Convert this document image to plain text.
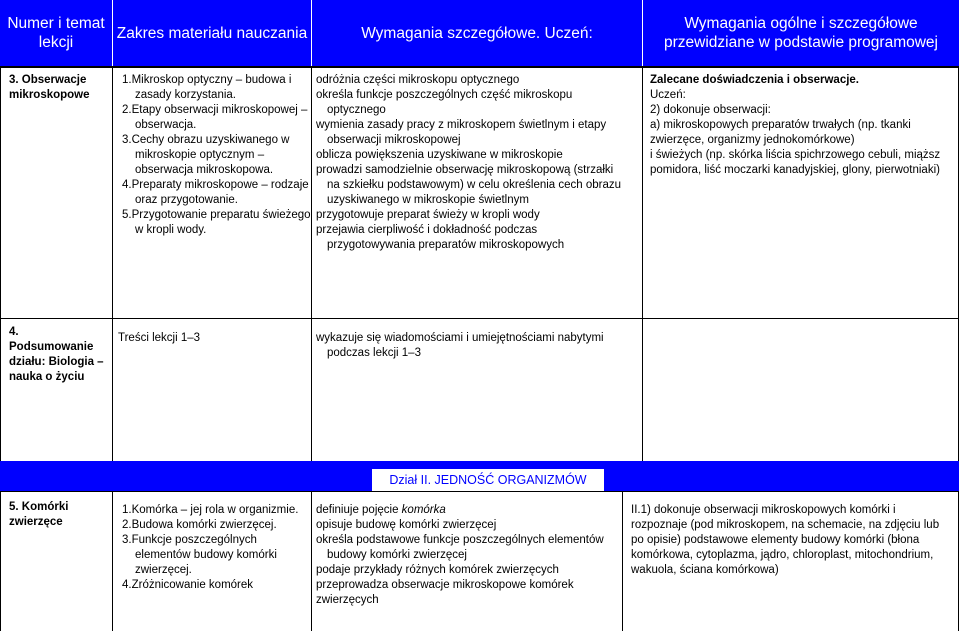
Numer i temat lekcji
Zakres materiału nauczania	Wymagania szczegółowe. Uczeń:
Wymagania ogólne i szczegółowe przewidziane w podstawie programowej
3. Obserwacje mikroskopowe
1.Mikroskop optyczny – budowa i zasady korzystania.
2.Etapy obserwacji mikroskopowej – obserwacja.
3.Cechy obrazu uzyskiwanego w mikroskopie optycznym – obserwacja mikroskopowa.
4.Preparaty mikroskopowe – rodzaje oraz przygotowanie.
5.Przygotowanie preparatu świeżego w kropli wody.
odróżnia części mikroskopu optycznego
określa funkcje poszczególnych część mikroskopu optycznego
wymienia zasady pracy z mikroskopem świetlnym i etapy obserwacji mikroskopowej
oblicza powiększenia uzyskiwane w mikroskopie
prowadzi samodzielnie obserwację mikroskopową (strzałki na szkiełku podstawowym) w celu określenia cech obrazu uzyskiwanego w mikroskopie świetlnym
przygotowuje preparat świeży w kropli wody
przejawia cierpliwość i dokładność podczas przygotowywania preparatów mikroskopowych
Zalecane doświadczenia i obserwacje.
Uczeń:
2) dokonuje obserwacji:
a) mikroskopowych preparatów trwałych (np. tkanki zwierzęce, organizmy jednokomórkowe)
i świeżych (np. skórka liścia spichrzowego cebuli, miąższ pomidora, liść moczarki kanadyjskiej, glony, pierwotniaki)
4. Podsumowanie działu: Biologia – nauka o życiu
Treści lekcji 1–3	wykazuje się wiadomościami i umiejętnościami nabytymi podczas lekcji 1–3
Dział II. JEDNOŚĆ ORGANIZMÓW
5. Komórki zwierzęce
1.Komórka – jej rola w organizmie.
2.Budowa komórki zwierzęcej.
3.Funkcje poszczególnych elementów budowy komórki zwierzęcej.
4.Zróżnicowanie komórek
definiuje pojęcie komórka
opisuje budowę komórki zwierzęcej
określa podstawowe funkcje poszczególnych elementów budowy komórki zwierzęcej
podaje przykłady różnych komórek zwierzęcych
przeprowadza obserwacje mikroskopowe komórek zwierzęcych
II.1) dokonuje obserwacji mikroskopowych komórki i rozpoznaje (pod mikroskopem, na schemacie, na zdjęciu lub po opisie) podstawowe elementy budowy komórki (błona komórkowa, cytoplazma, jądro, chloroplast, mitochondrium, wakuola, ściana komórkowa)
